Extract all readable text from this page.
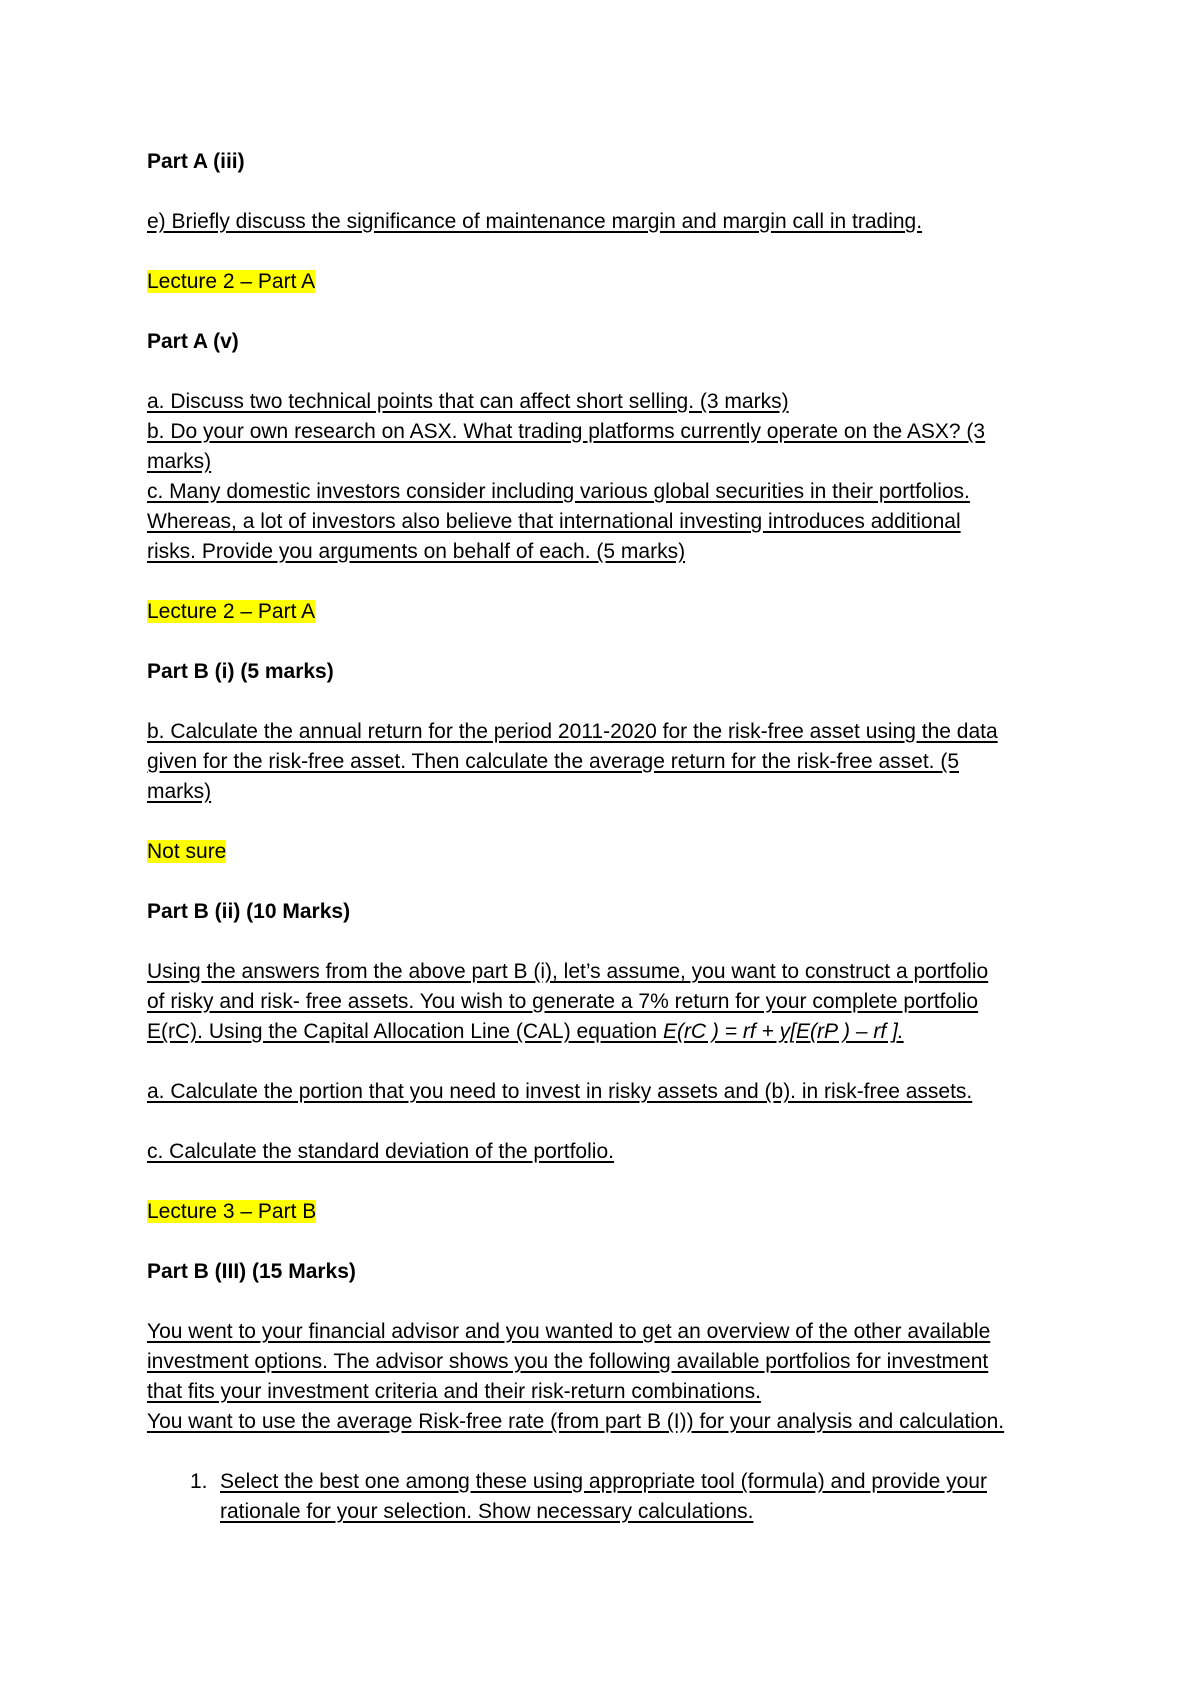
Part A (iii)

e) Briefly discuss the significance of maintenance margin and margin call in trading.

Lecture 2 – Part A

Part A (v)

a. Discuss two technical points that can affect short selling. (3 marks)
b. Do your own research on ASX. What trading platforms currently operate on the ASX? (3
marks)
c. Many domestic investors consider including various global securities in their portfolios.
Whereas, a lot of investors also believe that international investing introduces additional
risks. Provide you arguments on behalf of each. (5 marks)

Lecture 2 – Part A

Part B (i) (5 marks)

b. Calculate the annual return for the period 2011-2020 for the risk-free asset using the data
given for the risk-free asset. Then calculate the average return for the risk-free asset. (5
marks)

Not sure

Part B (ii) (10 Marks)

Using the answers from the above part B (i), let’s assume, you want to construct a portfolio
of risky and risk- free assets. You wish to generate a 7% return for your complete portfolio
E(rC). Using the Capital Allocation Line (CAL) equation E(rC ) = rf + y[E(rP ) – rf ].

a. Calculate the portion that you need to invest in risky assets and (b). in risk-free assets.

c. Calculate the standard deviation of the portfolio.

Lecture 3 – Part B

Part B (III) (15 Marks)

You went to your financial advisor and you wanted to get an overview of the other available
investment options. The advisor shows you the following available portfolios for investment
that fits your investment criteria and their risk-return combinations.
You want to use the average Risk-free rate (from part B (I)) for your analysis and calculation.

1. Select the best one among these using appropriate tool (formula) and provide your
rationale for your selection. Show necessary calculations.
